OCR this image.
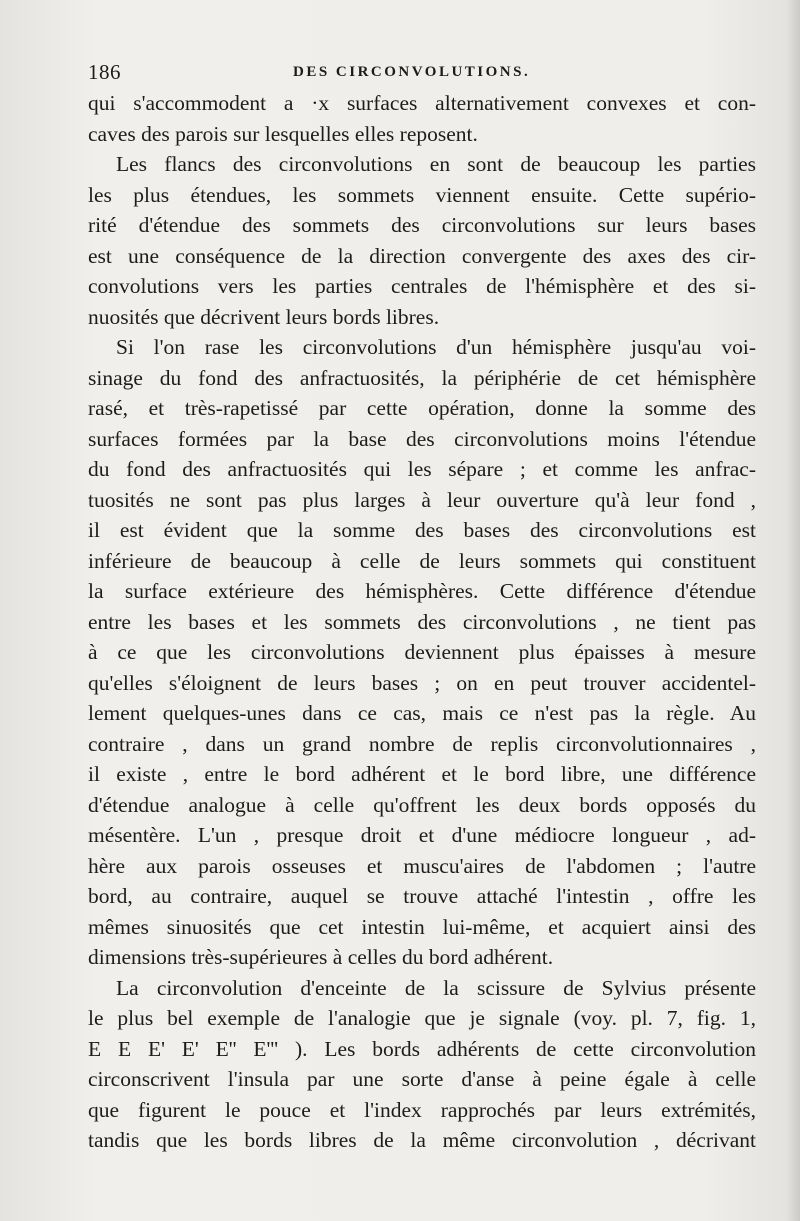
186	DES CIRCONVOLUTIONS.
qui s'accommodent a ·x surfaces alternativement convexes et con-
caves des parois sur lesquelles elles reposent.
Les flancs des circonvolutions en sont de beaucoup les parties
les plus étendues, les sommets viennent ensuite. Cette supério-
rité d'étendue des sommets des circonvolutions sur leurs bases
est une conséquence de la direction convergente des axes des cir-
convolutions vers les parties centrales de l'hémisphère et des si-
nuosités que décrivent leurs bords libres.
Si l'on rase les circonvolutions d'un hémisphère jusqu'au voi-
sinage du fond des anfractuosités, la périphérie de cet hémisphère
rasé, et très-rapetissé par cette opération, donne la somme des
surfaces formées par la base des circonvolutions moins l'étendue
du fond des anfractuosités qui les sépare ; et comme les anfrac-
tuosités ne sont pas plus larges à leur ouverture qu'à leur fond ,
il est évident que la somme des bases des circonvolutions est
inférieure de beaucoup à celle de leurs sommets qui constituent
la surface extérieure des hémisphères. Cette différence d'étendue
entre les bases et les sommets des circonvolutions , ne tient pas
à ce que les circonvolutions deviennent plus épaisses à mesure
qu'elles s'éloignent de leurs bases ; on en peut trouver accidentel-
lement quelques-unes dans ce cas, mais ce n'est pas la règle. Au
contraire , dans un grand nombre de replis circonvolutionnaires ,
il existe , entre le bord adhérent et le bord libre, une différence
d'étendue analogue à celle qu'offrent les deux bords opposés du
mésentère. L'un , presque droit et d'une médiocre longueur , ad-
hère aux parois osseuses et muscu'aires de l'abdomen ; l'autre
bord, au contraire, auquel se trouve attaché l'intestin , offre les
mêmes sinuosités que cet intestin lui-même, et acquiert ainsi des
dimensions très-supérieures à celles du bord adhérent.
La circonvolution d'enceinte de la scissure de Sylvius présente
le plus bel exemple de l'analogie que je signale (voy. pl. 7, fig. 1,
E E E' E' E'' E''' ). Les bords adhérents de cette circonvolution
circonscrivent l'insula par une sorte d'anse à peine égale à celle
que figurent le pouce et l'index rapprochés par leurs extrémités,
tandis que les bords libres de la même circonvolution , décrivant
